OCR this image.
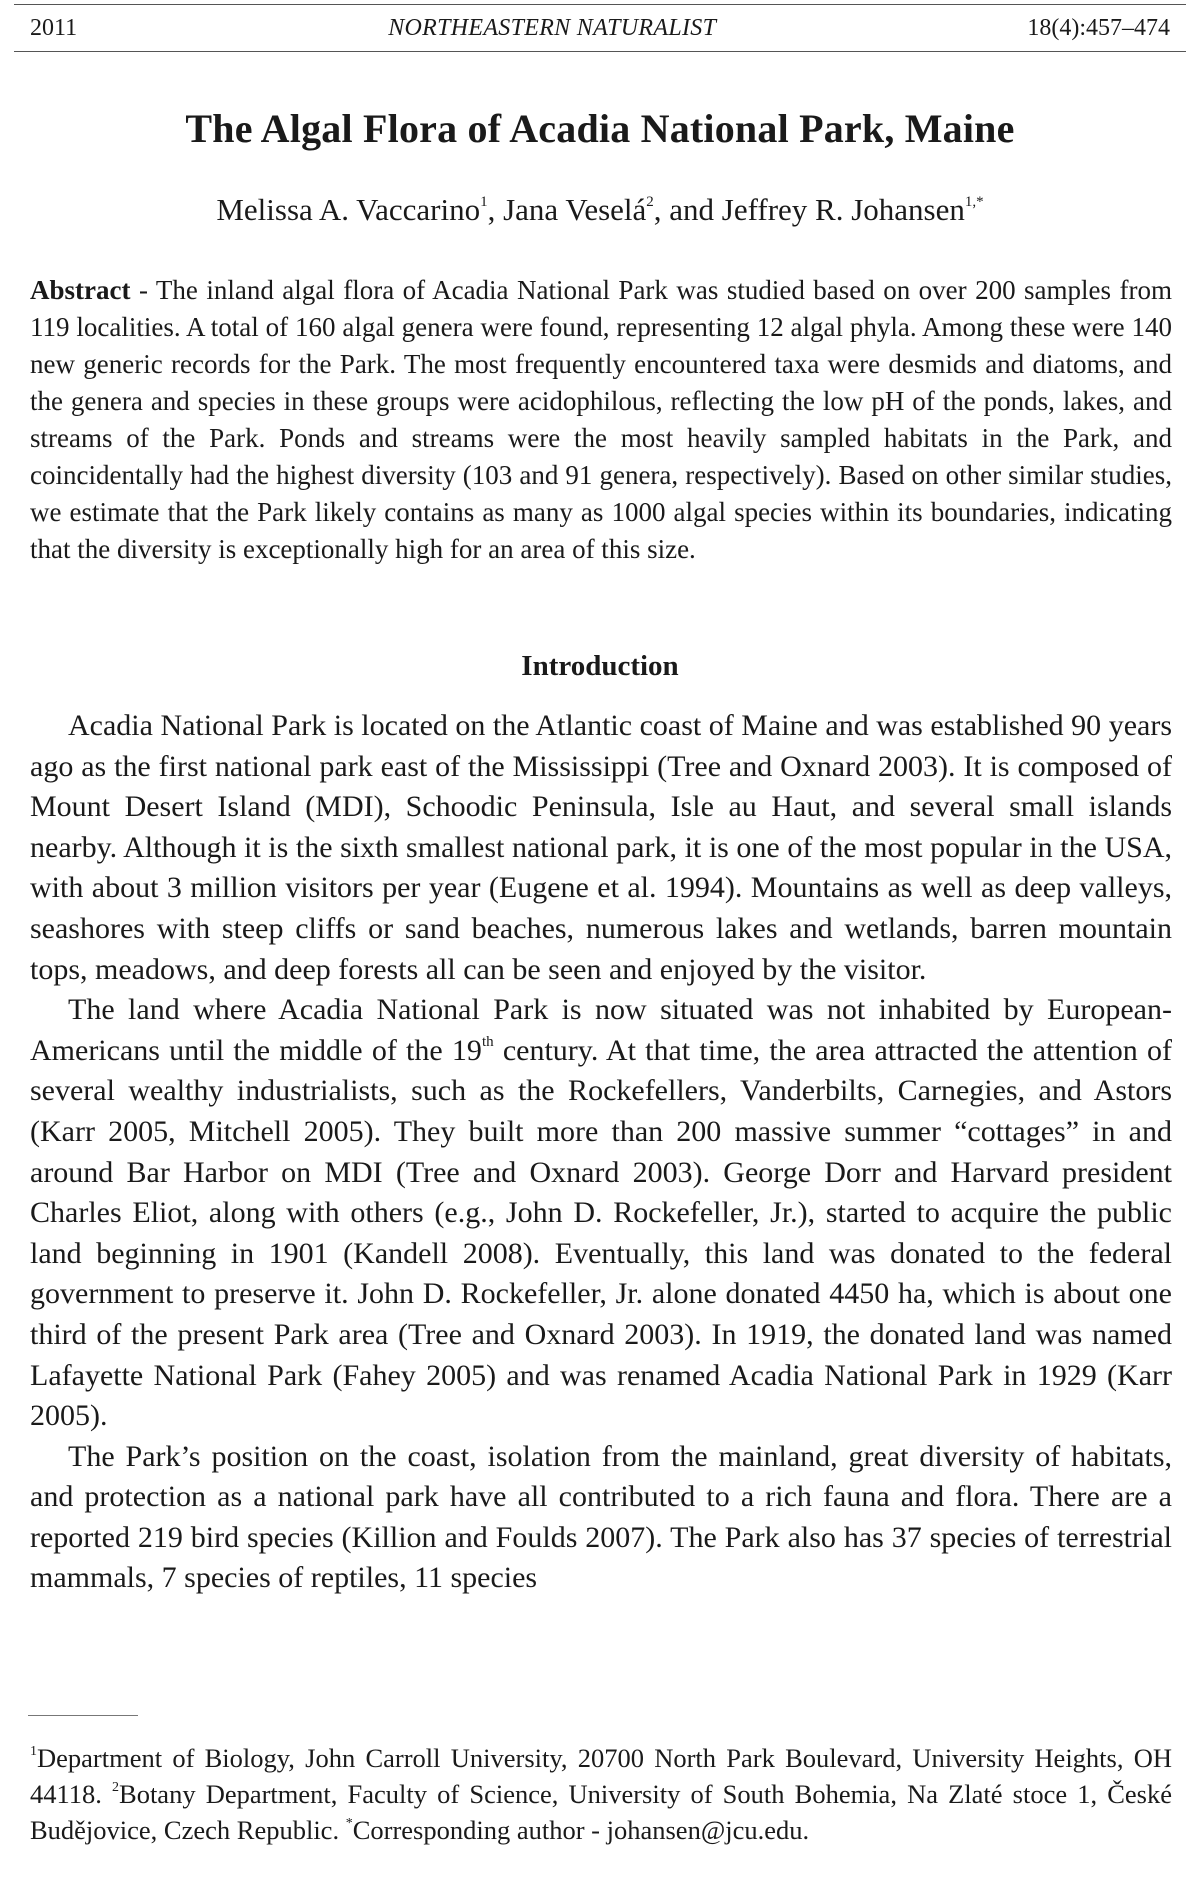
2011	NORTHEASTERN NATURALIST	18(4):457–474
The Algal Flora of Acadia National Park, Maine
Melissa A. Vaccarino$^1$, Jana Veselá$^2$, and Jeffrey R. Johansen$^{1,*}$
Abstract - The inland algal flora of Acadia National Park was studied based on over 200 samples from 119 localities. A total of 160 algal genera were found, representing 12 algal phyla. Among these were 140 new generic records for the Park. The most frequently encountered taxa were desmids and diatoms, and the genera and species in these groups were acidophilous, reflecting the low pH of the ponds, lakes, and streams of the Park. Ponds and streams were the most heavily sampled habitats in the Park, and coincidentally had the highest diversity (103 and 91 genera, respectively). Based on other similar studies, we estimate that the Park likely contains as many as 1000 algal species within its boundaries, indicating that the diversity is exceptionally high for an area of this size.
Introduction

Acadia National Park is located on the Atlantic coast of Maine and was established 90 years ago as the first national park east of the Mississippi (Tree and Oxnard 2003). It is composed of Mount Desert Island (MDI), Schoodic Peninsula, Isle au Haut, and several small islands nearby. Although it is the sixth smallest national park, it is one of the most popular in the USA, with about 3 million visitors per year (Eugene et al. 1994). Mountains as well as deep valleys, seashores with steep cliffs or sand beaches, numerous lakes and wetlands, barren mountain tops, meadows, and deep forests all can be seen and enjoyed by the visitor.

The land where Acadia National Park is now situated was not inhabited by European-Americans until the middle of the 19th century. At that time, the area attracted the attention of several wealthy industrialists, such as the Rockefellers, Vanderbilts, Carnegies, and Astors (Karr 2005, Mitchell 2005). They built more than 200 massive summer “cottages” in and around Bar Harbor on MDI (Tree and Oxnard 2003). George Dorr and Harvard president Charles Eliot, along with others (e.g., John D. Rockefeller, Jr.), started to acquire the public land beginning in 1901 (Kandell 2008). Eventually, this land was donated to the federal government to preserve it. John D. Rockefeller, Jr. alone donated 4450 ha, which is about one third of the present Park area (Tree and Oxnard 2003). In 1919, the donated land was named Lafayette National Park (Fahey 2005) and was renamed Acadia National Park in 1929 (Karr 2005).

The Park’s position on the coast, isolation from the mainland, great diversity of habitats, and protection as a national park have all contributed to a rich fauna and flora. There are a reported 219 bird species (Killion and Foulds 2007). The Park also has 37 species of terrestrial mammals, 7 species of reptiles, 11 species

$^1$Department of Biology, John Carroll University, 20700 North Park Boulevard, University Heights, OH 44118. $^2$Botany Department, Faculty of Science, University of South Bohemia, Na Zlaté stoce 1, České Budějovice, Czech Republic. *Corresponding author - johansen@jcu.edu.
